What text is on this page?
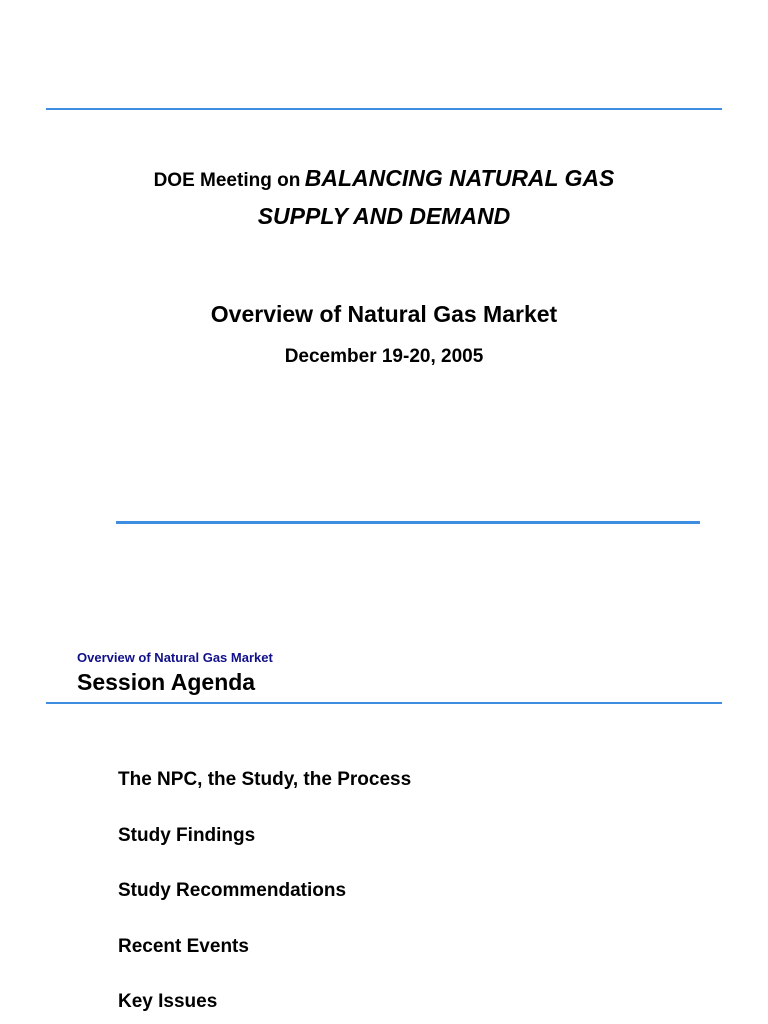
DOE Meeting on BALANCING NATURAL GAS
SUPPLY AND DEMAND
Overview of Natural Gas Market
December 19-20, 2005
Overview of Natural Gas Market
Session Agenda
The NPC, the Study, the Process
Study Findings
Study Recommendations
Recent Events
Key Issues
